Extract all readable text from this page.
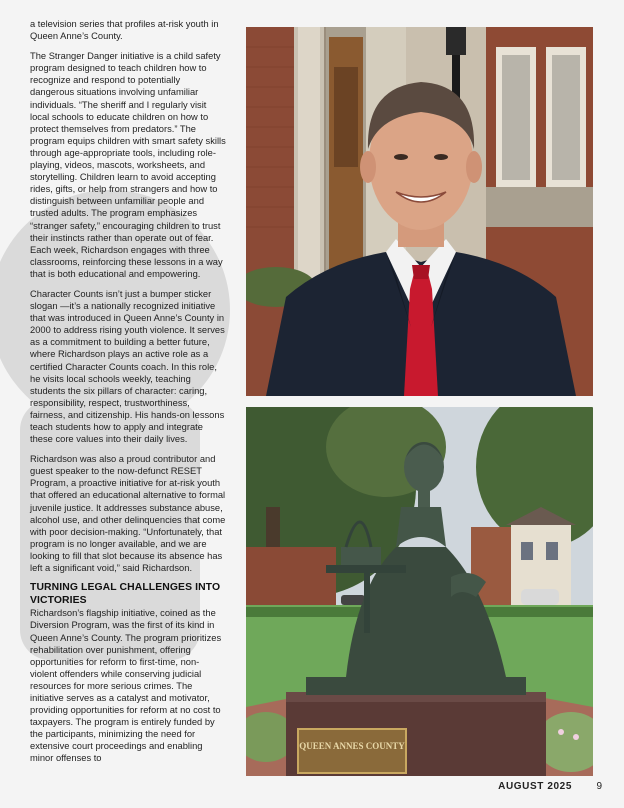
a television series that profiles at-risk youth in Queen Anne’s County.

The Stranger Danger initiative is a child safety program designed to teach children how to recognize and respond to potentially dangerous situations involving unfamiliar individuals. “The sheriff and I regularly visit local schools to educate children on how to protect themselves from predators.” The program equips children with smart safety skills through age-appropriate tools, including role-playing, videos, mascots, worksheets, and storytelling. Children learn to avoid accepting rides, gifts, or help from strangers and how to distinguish between unfamiliar people and trusted adults. The program emphasizes “stranger safety,” encouraging children to trust their instincts rather than operate out of fear. Each week, Richardson engages with three classrooms, reinforcing these lessons in a way that is both educational and empowering.

Character Counts isn’t just a bumper sticker slogan —it’s a nationally recognized initiative that was introduced in Queen Anne’s County in 2000 to address rising youth violence. It serves as a commitment to building a better future, where Richardson plays an active role as a certified Character Counts coach. In this role, he visits local schools weekly, teaching students the six pillars of character: caring, responsibility, respect, trustworthiness, fairness, and citizenship. His hands-on lessons teach students how to apply and integrate these core values into their daily lives.

Richardson was also a proud contributor and guest speaker to the now-defunct RESET Program, a proactive initiative for at-risk youth that offered an educational alternative to formal juvenile justice. It addresses substance abuse, alcohol use, and other delinquencies that come with poor decision-making. “Unfortunately, that program is no longer available, and we are looking to fill that slot because its absence has left a significant void,” said Richardson.

TURNING LEGAL CHALLENGES INTO VICTORIES

Richardson’s flagship initiative, coined as the Diversion Program, was the first of its kind in Queen Anne’s County. The program prioritizes rehabilitation over punishment, offering opportunities for reform to first-time, non-violent offenders while conserving judicial resources for more serious crimes. The initiative serves as a catalyst and motivator, providing opportunities for reform at no cost to taxpayers. The program is entirely funded by the participants, minimizing the need for extensive court proceedings and enabling minor offenses to

QUEEN ANNES COUNTY
AUGUST 2025 9
